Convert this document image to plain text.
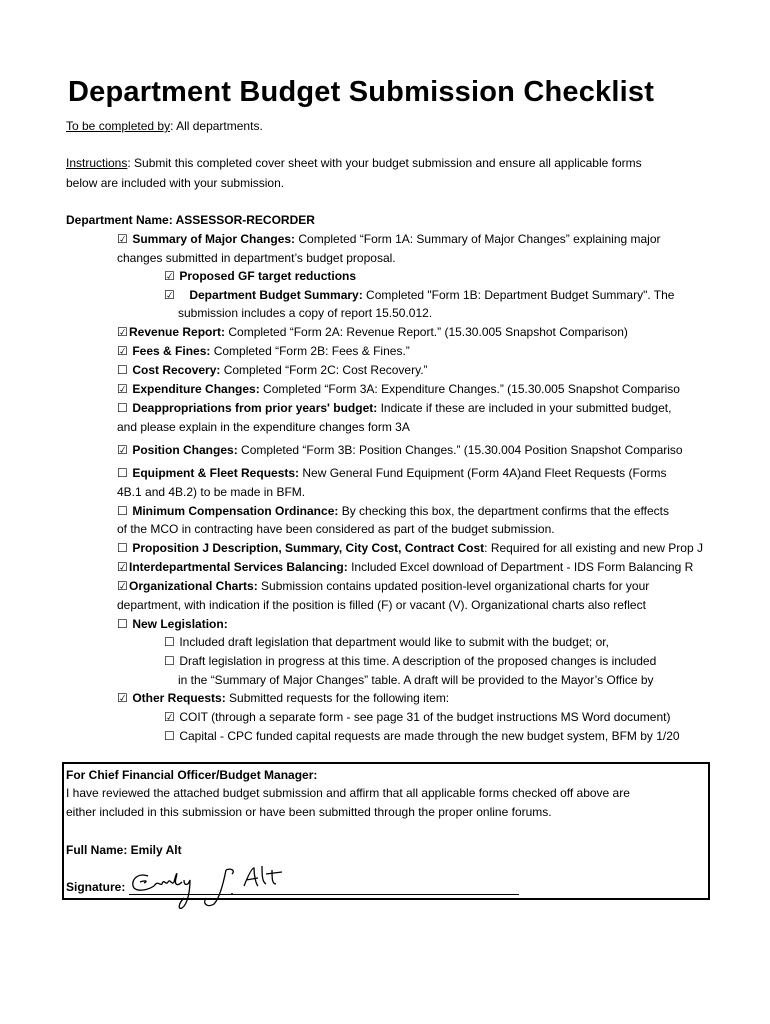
Department Budget Submission Checklist
To be completed by: All departments.
Instructions: Submit this completed cover sheet with your budget submission and ensure all applicable forms
below are included with your submission.
Department Name: ASSESSOR-RECORDER
☑ Summary of Major Changes: Completed “Form 1A: Summary of Major Changes” explaining major
changes submitted in department’s budget proposal.
☑ Proposed GF target reductions
☑ Department Budget Summary: Completed "Form 1B: Department Budget Summary". The
submission includes a copy of report 15.50.012.
☑Revenue Report: Completed “Form 2A: Revenue Report.” (15.30.005 Snapshot Comparison)
☑ Fees & Fines: Completed “Form 2B: Fees & Fines.”
☐ Cost Recovery: Completed “Form 2C: Cost Recovery.”
☑ Expenditure Changes: Completed “Form 3A: Expenditure Changes.” (15.30.005 Snapshot Compariso
☐ Deappropriations from prior years' budget: Indicate if these are included in your submitted budget,
and please explain in the expenditure changes form 3A
☑ Position Changes: Completed “Form 3B: Position Changes.” (15.30.004 Position Snapshot Compariso
☐ Equipment & Fleet Requests: New General Fund Equipment (Form 4A)and Fleet Requests (Forms
4B.1 and 4B.2) to be made in BFM.
☐ Minimum Compensation Ordinance: By checking this box, the department confirms that the effects
of the MCO in contracting have been considered as part of the budget submission.
☐ Proposition J Description, Summary, City Cost, Contract Cost: Required for all existing and new Prop J
☑Interdepartmental Services Balancing: Included Excel download of Department - IDS Form Balancing R
☑Organizational Charts: Submission contains updated position-level organizational charts for your
department, with indication if the position is filled (F) or vacant (V). Organizational charts also reflect
☐ New Legislation:
☐ Included draft legislation that department would like to submit with the budget; or,
☐ Draft legislation in progress at this time. A description of the proposed changes is included
in the “Summary of Major Changes” table. A draft will be provided to the Mayor’s Office by
☑ Other Requests: Submitted requests for the following item:
☑ COIT (through a separate form - see page 31 of the budget instructions MS Word document)
☐ Capital - CPC funded capital requests are made through the new budget system, BFM by 1/20
For Chief Financial Officer/Budget Manager:
I have reviewed the attached budget submission and affirm that all applicable forms checked off above are
either included in this submission or have been submitted through the proper online forums.
Full Name: Emily Alt
Signature:
